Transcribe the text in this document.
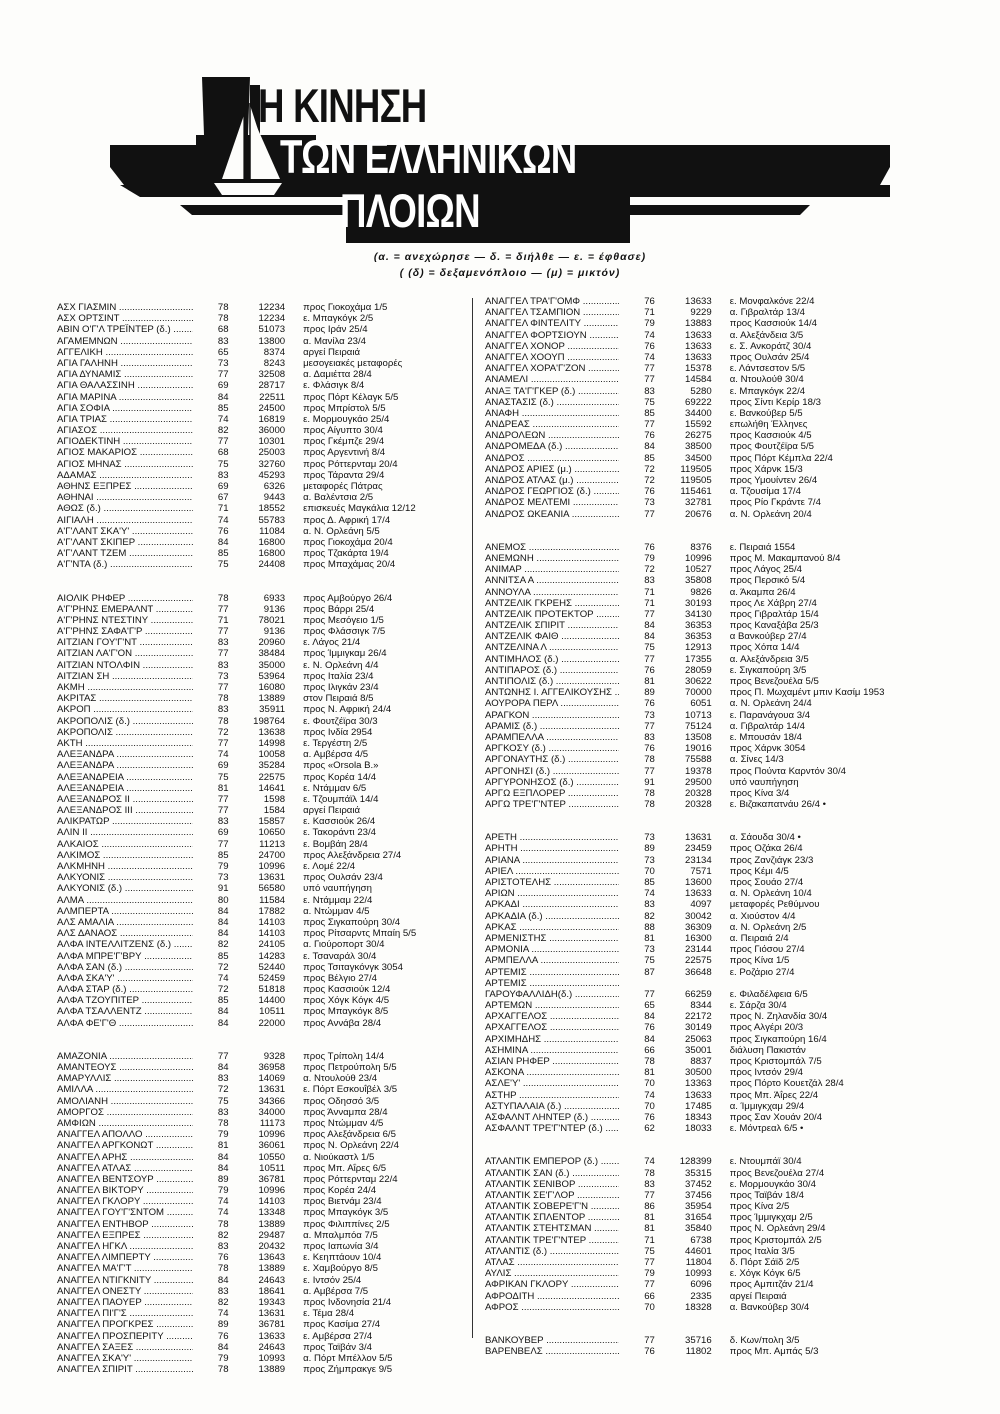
Η ΚΙΝΗΣΗ
ΤΩΝ ΕΛΛΗΝΙΚΩΝ
ΠΛΟΙΩΝ
(α. = ανεχώρησε — δ. = διήλθε — ε. = έφθασε)
( (δ) = δεξαμενόπλοιο — (μ) = μικτόν)
ΑΣΧ ΓΙΑΣΜΙΝ .....	78	12234	προς Γιοκοχάμα 1/5
ΑΣΧ ΟΡΤΣΙΝΤ .....	78	12234	ε. Μπαγκόγκ 2/5
ΑΒΙΝ Ο'Γ'Λ ΤΡΕΪΝΤΕΡ (δ.) .....	68	51073	προς Ιράν 25/4
ΑΓΑΜΕΜΝΩΝ .....	83	13800	α. Μανίλα 23/4
ΑΓΓΕΛΙΚΗ .....	65	8374	αργεί Πειραιά
ΑΓΙΑ ΓΑΛΗΝΗ .....	73	8243	μεσογειακές μεταφορές
ΑΓΙΑ ΔΥΝΑΜΙΣ .....	77	32508	α. Δαμιέττα 28/4
ΑΓΙΑ ΘΑΛΑΣΣΙΝΗ .....	69	28717	ε. Φλάσιγκ 8/4
ΑΓΙΑ ΜΑΡΙΝΑ .....	84	22511	προς Πόρτ Κέλαγκ 5/5
ΑΓΙΑ ΣΟΦΙΑ .....	85	24500	προς Μπρίστολ 5/5
ΑΓΙΑ ΤΡΙΑΣ .....	74	16819	ε. Μορμουγκάο 25/4
ΑΓΙΑΣΟΣ .....	82	36000	προς Αίγυπτο 30/4
ΑΓΙΟΔΕΚΤΙΝΗ .....	77	10301	προς Γκέμπζε 29/4
ΑΓΙΟΣ ΜΑΚΑΡΙΟΣ .....	68	25003	προς Αργεντινή 8/4
ΑΓΙΟΣ ΜΗΝΑΣ .....	75	32760	προς Ρόττερνταμ 20/4
ΑΔΑΜΑΣ .....	83	45293	προς Τάραντα 29/4
ΑΘΗΝΣ ΕΞΠΡΕΣ .....	69	6326	μεταφορές Πάτρας
ΑΘΗΝΑΙ .....	67	9443	α. Βαλέντσια 2/5
ΑΘΩΣ (δ.) .....	71	18552	επισκευές Μαγκάλια 12/12
ΑΙΓΙΑΛΗ .....	74	55783	προς Δ. Αφρική 17/4
Α'Γ'ΛΑΝΤ ΣΚΑ'Υ' .....	76	11084	α. Ν. Ορλεάνη 5/5
Α'Γ'ΛΑΝΤ ΣΚΙΠΕΡ .....	84	16800	προς Γιοκοχάμα 20/4
Α'Γ'ΛΑΝΤ ΤΖΕΜ .....	85	16800	προς Τζακάρτα 19/4
Α'Γ'ΝΤΑ (δ.) .....	75	24408	προς Μπαχάμας 20/4
ΑΙΟΛΙΚ ΡΗΦΕΡ .....	78	6933	προς Αμβούργο 26/4
Α'Γ'ΡΗΝΣ ΕΜΕΡΑΛΝΤ .....	77	9136	προς Βάρρι 25/4
Α'Γ'ΡΗΝΣ ΝΤΕΣΤΙΝΥ .....	71	78021	προς Μεσόγειο 1/5
Α'Γ'ΡΗΝΣ ΣΑΦΑ'Γ'Ρ .....	77	9136	προς Φλάσσιγκ 7/5
ΑΙΤΖΙΑΝ ΓΟΥ'Γ'ΝΤ .....	83	20960	ε. Λάγος 21/4
ΑΙΤΖΙΑΝ ΛΑ'Γ'ΟΝ .....	77	38484	προς Ίμμιγκαμ 26/4
ΑΙΤΖΙΑΝ ΝΤΟΛΦΙΝ .....	83	35000	ε. Ν. Ορλεάνη 4/4
ΑΙΤΖΙΑΝ ΣΗ .....	73	53964	προς Ιταλία 23/4
ΑΚΜΗ .....	77	16080	προς Ιλιγκάν 23/4
ΑΚΡΙΤΑΣ .....	78	13889	στον Πειραιά 8/5
ΑΚΡΟΠ .....	83	35911	προς Ν. Αφρική 24/4
ΑΚΡΟΠΟΛΙΣ (δ.) .....	78	198764	ε. Φουτζέϊρα 30/3
ΑΚΡΟΠΟΛΙΣ .....	72	13638	προς Ινδία 2954
ΑΚΤΗ .....	77	14998	ε. Τεργέστη 2/5
ΑΛΕΞΑΝΔΡΑ .....	74	10058	α. Αμβέρσα 4/5
ΑΛΕΞΑΝΔΡΑ .....	69	35284	προς «Orsola B.»
ΑΛΕΞΑΝΔΡΕΙΑ .....	75	22575	προς Κορέα 14/4
ΑΛΕΞΑΝΔΡΕΙΑ .....	81	14641	ε. Ντάμμαν 6/5
ΑΛΕΞΑΝΔΡΟΣ ΙΙ .....	77	1598	ε. Τζουμπάϊλ 14/4
ΑΛΕΞΑΝΔΡΟΣ ΙΙΙ .....	77	1584	αργεί Πειραιά
ΑΛΙΚΡΑΤΩΡ .....	83	15857	ε. Κασσιούκ 26/4
ΑΛΙΝ ΙΙ .....	69	10650	ε. Τακοράντι 23/4
ΑΛΚΑΙΟΣ .....	77	11213	ε. Βομβάη 28/4
ΑΛΚΙΜΟΣ .....	85	24700	προς Αλεξάνδρεια 27/4
ΑΛΚΜΗΝΗ .....	79	10996	ε. Λομέ 22/4
ΑΛΚΥΟΝΙΣ .....	73	13631	προς Ουλσάν 23/4
ΑΛΚΥΟΝΙΣ (δ.) .....	91	56580	υπό ναυπήγηση
ΑΛΜΑ .....	80	11584	ε. Ντάμμαμ 22/4
ΑΛΜΠΕΡΤΑ .....	84	17882	α. Ντώμμαν 4/5
ΑΛΣ ΑΜΑΛΙΑ .....	84	14103	προς Σιγκαπούρη 30/4
ΑΛΣ ΔΑΝΑΟΣ .....	84	14103	προς Ρίτσαρντς Μπαίη 5/5
ΑΛΦΑ ΙΝΤΕΛΛΙΤΖΕΝΣ (δ.) .....	82	24105	α. Γιούροπορτ 30/4
ΑΛΦΑ ΜΠΡΕ'Γ'ΒΡΥ .....	85	14283	ε. Τσαναράλ 30/4
ΑΛΦΑ ΣΑΝ (δ.) .....	72	52440	προς Τσιταγκόνγκ 3054
ΑΛΦΑ ΣΚΑ'Υ' .....	74	52459	προς Βέλγιο 27/4
ΑΛΦΑ ΣΤΑΡ (δ.) .....	72	51818	προς Κασσιούκ 12/4
ΑΛΦΑ ΤΖΟΥΠΙΤΕΡ .....	85	14400	προς Χόγκ Κόγκ 4/5
ΑΛΦΑ ΤΣΑΛΛΕΝΤΖ .....	84	10511	προς Μπαγκόγκ 8/5
ΑΛΦΑ ΦΕ'Γ'Θ .....	84	22000	προς Αννάβα 28/4
ΑΜΑΖΟΝΙΑ .....	77	9328	προς Τρίπολη 14/4
ΑΜΑΝΤΕΟΥΣ .....	84	36958	προς Πετρούπολη 5/5
ΑΜΑΡΥΛΛΙΣ .....	83	14069	α. Ντουλούθ 23/4
ΑΜΙΛΛΑ .....	72	13631	ε. Πόρτ Εσκουΐβέλ 3/5
ΑΜΟΛΙΑΝΗ .....	75	34366	προς Οδησσό 3/5
ΑΜΟΡΓΟΣ .....	83	34000	προς Άνναμπα 28/4
ΑΜΦΙΩΝ .....	78	11173	προς Ντώμμαν 4/5
ΑΝΑΓΓΕΛ ΑΠΟΛΛΟ .....	79	10996	προς Αλεξάνδρεια 6/5
ΑΝΑΓΓΕΛ ΑΡΓΚΟΝΩΤ .....	81	36061	προς Ν. Ορλεάνη 22/4
ΑΝΑΓΓΕΛ ΑΡΗΣ .....	84	10550	α. Νιούκαστλ 1/5
ΑΝΑΓΓΕΛ ΑΤΛΑΣ .....	84	10511	προς Μπ. Αΐρες 6/5
ΑΝΑΓΓΕΛ ΒΕΝΤΣΟΥΡ .....	89	36781	προς Ρόττερνταμ 22/4
ΑΝΑΓΓΕΛ ΒΙΚΤΟΡΥ .....	79	10996	προς Κορέα 24/4
ΑΝΑΓΓΕΛ ΓΚΛΟΡΥ .....	74	14103	προς Βιετνάμ 23/4
ΑΝΑΓΓΕΛ ΓΟΥ'Γ'ΣΝΤΟΜ .....	74	13348	προς Μπαγκόγκ 3/5
ΑΝΑΓΓΕΛ ΕΝΤΗΒΟΡ .....	78	13889	προς Φιλιππίνες 2/5
ΑΝΑΓΓΕΛ ΕΞΠΡΕΣ .....	82	29487	α. Μπαλμπόα 7/5
ΑΝΑΓΓΕΛ ΗΓΚΛ .....	83	20432	προς Ιαπωνία 3/4
ΑΝΑΓΓΕΛ ΛΙΜΠΕΡΤΥ .....	76	13643	ε. Κεηπτάουν 10/4
ΑΝΑΓΓΕΛ ΜΑ'Γ'Τ .....	78	13889	ε. Χαμβούργο 8/5
ΑΝΑΓΓΕΛ ΝΤΙΓΚΝΙΤΥ .....	84	24643	ε. Ιντσόν 25/4
ΑΝΑΓΓΕΛ ΟΝΕΣΤΥ .....	83	18641	α. Αμβέρσα 7/5
ΑΝΑΓΓΕΛ ΠΑΟΥΕΡ .....	82	19343	προς Ινδονησία 21/4
ΑΝΑΓΓΕΛ ΠΙ'Γ'Σ .....	74	13631	ε. Τέμα 28/4
ΑΝΑΓΓΕΛ ΠΡΟΓΚΡΕΣ .....	89	36781	προς Κασίμα 27/4
ΑΝΑΓΓΕΛ ΠΡΟΣΠΕΡΙΤΥ .....	76	13633	ε. Αμβέρσα 27/4
ΑΝΑΓΓΕΛ ΣΑΞΕΣ .....	84	24643	προς Ταϊβάν 3/4
ΑΝΑΓΓΕΛ ΣΚΑ'Υ' .....	79	10993	α. Πόρτ Μπέλλον 5/5
ΑΝΑΓΓΕΛ ΣΠΙΡΙΤ .....	78	13889	προς Ζήμπρακγε 9/5
ΑΝΑΓΓΕΛ ΤΡΑ'Γ'ΟΜΦ .....	76	13633	ε. Μονφαλκόνε 22/4
ΑΝΑΓΓΕΛ ΤΣΑΜΠΙΟΝ .....	71	9229	α. Γιβραλτάρ 13/4
ΑΝΑΓΓΕΛ ΦΙΝΤΕΛΙΤΥ .....	79	13883	προς Κασσιούκ 14/4
ΑΝΑΓΓΕΛ ΦΟΡΤΣΙΟΥΝ .....	74	13633	α. Αλεξάνδεια 3/5
ΑΝΑΓΓΕΛ ΧΟΝΟΡ .....	76	13633	ε. Σ. Ανκοράτζ 30/4
ΑΝΑΓΓΕΛ ΧΟΟΥΠ .....	74	13633	προς Ουλσάν 25/4
ΑΝΑΓΓΕΛ ΧΟΡΑ'Γ'ΖΟΝ .....	77	15378	ε. Λάντσεστον 5/5
ΑΝΑΜΕΛΙ .....	77	14584	α. Ντουλούθ 30/4
ΑΝΑΞ ΤΑ'Γ'ΓΚΕΡ (δ.) .....	83	5280	ε. Μπαγκόγκ 22/4
ΑΝΑΣΤΑΣΙΣ (δ.) .....	75	69222	προς Σίντι Κερίρ 18/3
ΑΝΑΦΗ .....	85	34400	ε. Βανκούβερ 5/5
ΑΝΔΡΕΑΣ .....	77	15592	επωλήθη Έλληνες
ΑΝΔΡΟΛΕΩΝ .....	76	26275	προς Κασσιούκ 4/5
ΑΝΔΡΟΜΕΔΑ (δ.) .....	84	38500	προς Φουτζέϊρα 5/5
ΑΝΔΡΟΣ .....	85	34500	προς Πόρτ Κέμπλα 22/4
ΑΝΔΡΟΣ ΑΡΙΕΣ (μ.) .....	72	119505	προς Χάρνκ 15/3
ΑΝΔΡΟΣ ΑΤΛΑΣ (μ.) .....	72	119505	προς Υμουίντεν 26/4
ΑΝΔΡΟΣ ΓΕΩΡΓΙΟΣ (δ.) .....	76	115461	α. Τζουσίμα 17/4
ΑΝΔΡΟΣ ΜΕΛΤΕΜΙ .....	73	32781	προς Ρίο Γκράντε 7/4
ΑΝΔΡΟΣ ΩΚΕΑΝΙΑ .....	77	20676	α. Ν. Ορλεάνη 20/4
ΑΝΕΜΟΣ .....	76	8376	ε. Πειραιά 1554
ΑΝΕΜΩΝΗ .....	79	10996	προς Μ. Μακαμπανού 8/4
ΑΝΙΜΑΡ .....	72	10527	προς Λάγος 25/4
ΑΝΝΙΤΣΑ Α .....	83	35808	προς Περσικό 5/4
ΑΝΝΟΥΛΑ .....	71	9826	α. Άκαμπα 26/4
ΑΝΤΖΕΛΙΚ ΓΚΡΕΗΣ .....	71	30193	προς Λε Χάβρη 27/4
ΑΝΤΖΕΛΙΚ ΠΡΟΤΕΚΤΟΡ .....	77	34130	προς Γιβραλτάρ 15/4
ΑΝΤΖΕΛΙΚ ΣΠΙΡΙΤ .....	84	36353	προς Καναξάβα 25/3
ΑΝΤΖΕΛΙΚ ΦΑΙΘ .....	84	36353	α Βανκούβερ 27/4
ΑΝΤΖΕΛΙΝΑ Λ .....	75	12913	προς Χόπα 14/4
ΑΝΤΙΜΗΛΟΣ (δ.) .....	77	17355	α. Αλεξάνδρεια 3/5
ΑΝΤΙΠΑΡΟΣ (δ.) .....	76	28059	ε. Σιγκαπούρη 3/5
ΑΝΤΙΠΟΛΙΣ (δ.) .....	81	30622	προς Βενεζουέλα 5/5
ΑΝΤΩΝΗΣ Ι. ΑΓΓΕΛΙΚΟΥΣΗΣ .....	89	70000	προς Π. Μωχαμέντ μπιν Κασίμ 1953
ΑΟΥΡΟΡΑ ΠΕΡΛ .....	76	6051	α. Ν. Ορλεάνη 24/4
ΑΡΑΓΚΟΝ .....	73	10713	ε. Παρανάγουα 3/4
ΑΡΑΜΙΣ (δ.) .....	77	75124	α. Γιβραλτάρ 14/4
ΑΡΑΜΠΕΛΛΑ .....	83	13508	ε. Μπουσάν 18/4
ΑΡΓΚΟΣΥ (δ.) .....	76	19016	προς Χάρνκ 3054
ΑΡΓΟΝΑΥΤΗΣ (δ.) .....	78	75588	α. Σίνες 14/3
ΑΡΓΟΝΗΣΙ (δ.) .....	77	19378	προς Πούντα Καρντόν 30/4
ΑΡΓΥΡΟΝΗΣΟΣ (δ.) .....	91	29500	υπό ναυπήγηση
ΑΡΓΩ ΕΞΠΛΟΡΕΡ .....	78	20328	προς Κίνα 3/4
ΑΡΓΩ ΤΡΕ'Γ'ΝΤΕΡ .....	78	20328	ε. Βιζακαπατνάυ 26/4 •
ΑΡΕΤΗ .....	73	13631	α. Σάουδα 30/4 •
ΑΡΗΤΗ .....	89	23459	προς Οζάκα 26/4
ΑΡΙΑΝΑ .....	73	23134	προς Ζανζιάγκ 23/3
ΑΡΙΕΛ .....	70	7571	προς Κέμι 4/5
ΑΡΙΣΤΟΤΕΛΗΣ .....	85	13600	προς Σουάο 27/4
ΑΡΙΩΝ .....	74	13633	α. Ν. Ορλεάνη 10/4
ΑΡΚΑΔΙ .....	83	4097	μεταφορές Ρεθύμνου
ΑΡΚΑΔΙΑ (δ.) .....	82	30042	α. Χιούστον 4/4
ΑΡΚΑΣ .....	88	36309	α. Ν. Ορλεάνη 2/5
ΑΡΜΕΝΙΣΤΗΣ .....	81	16300	α. Πειραιά 2/4
ΑΡΜΟΝΙΑ .....	73	23144	προς Γιόσου 27/4
ΑΡΜΠΕΛΛΑ .....	75	22575	προς Κίνα 1/5
ΑΡΤΕΜΙΣ .....	87	36648	ε. Ροζάριο 27/4
ΑΡΤΕΜΙΣ .....
ΓΑΡΟΥΦΑΛΛΙΔΗ(δ.) .....	77	66259	ε. Φιλαδέλφεια 6/5
ΑΡΤΕΜΩΝ .....	65	8344	ε. Σάρζα 30/4
ΑΡΧΑΓΓΕΛΟΣ .....	84	22172	προς Ν. Ζηλανδία 30/4
ΑΡΧΑΓΓΕΛΟΣ .....	76	30149	προς Αλγέρι 20/3
ΑΡΧΙΜΗΔΗΣ .....	84	25063	προς Σιγκαπούρη 16/4
ΑΣΗΜΙΝΑ .....	66	35001	διάλυση Πακιστάν
ΑΣΙΑΝ ΡΗΦΕΡ .....	78	8837	προς Κριστομπάλ 7/5
ΑΣΚΟΝΑ .....	81	30500	προς Ιντσόν 29/4
ΑΣΛΕ'Υ' .....	70	13363	προς Πόρτο Κουετζάλ 28/4
ΑΣΤΗΡ .....	74	13633	προς Μπ. Άΐρες 22/4
ΑΣΤΥΠΑΛΑΙΑ (δ.) .....	70	17485	α. Ίμμιγκχαμ 29/4
ΑΣΦΑΛΝΤ ΛΗΝΤΕΡ (δ.) .....	76	18343	προς Σαν Χουάν 20/4
ΑΣΦΑΛΝΤ ΤΡΕ'Γ'ΝΤΕΡ (δ.) .....	62	18033	ε. Μόντρεαλ 6/5 •
ΑΤΛΑΝΤΙΚ ΕΜΠΕΡΟΡ (δ.) .....	74	128399	ε. Ντουμπάϊ 30/4
ΑΤΛΑΝΤΙΚ ΣΑΝ (δ.) .....	78	35315	προς Βενεζουέλα 27/4
ΑΤΛΑΝΤΙΚ ΣΕΝΙΒΟΡ .....	83	37452	ε. Μορμουγκάο 30/4
ΑΤΛΑΝΤΙΚ ΣΕ'Γ'ΛΟΡ .....	77	37456	προς Ταϊβάν 18/4
ΑΤΛΑΝΤΙΚ ΣΟΒΕΡΕ'Γ'Ν .....	86	35954	προς Κίνα 2/5
ΑΤΛΑΝΤΙΚ ΣΠΛΕΝΤΟΡ .....	81	31654	προς Ίμμιγκχαμ 2/5
ΑΤΛΑΝΤΙΚ ΣΤΕΗΤΣΜΑΝ .....	81	35840	προς Ν. Ορλεάνη 29/4
ΑΤΛΑΝΤΙΚ ΤΡΕ'Γ'ΝΤΕΡ .....	71	6738	προς Κριστομπάλ 2/5
ΑΤΛΑΝΤΙΣ (δ.) .....	75	44601	προς Ιταλία 3/5
ΑΤΛΑΣ .....	77	11804	δ. Πόρτ Σάϊδ 2/5
ΑΥΛΙΣ .....	79	10993	ε. Χόγκ Κόγκ 6/5
ΑΦΡΙΚΑΝ ΓΚΛΟΡΥ .....	77	6096	προς Αμπιτζάν 21/4
ΑΦΡΟΔΙΤΗ .....	66	2335	αργεί Πειραιά
ΑΦΡΟΣ .....	70	18328	α. Βανκούβερ 30/4
ΒΑΝΚΟΥΒΕΡ .....	77	35716	δ. Κων/πολη 3/5
ΒΑΡΕΝΒΕΛΣ .....	76	11802	προς Μπ. Αμπάς 5/3
